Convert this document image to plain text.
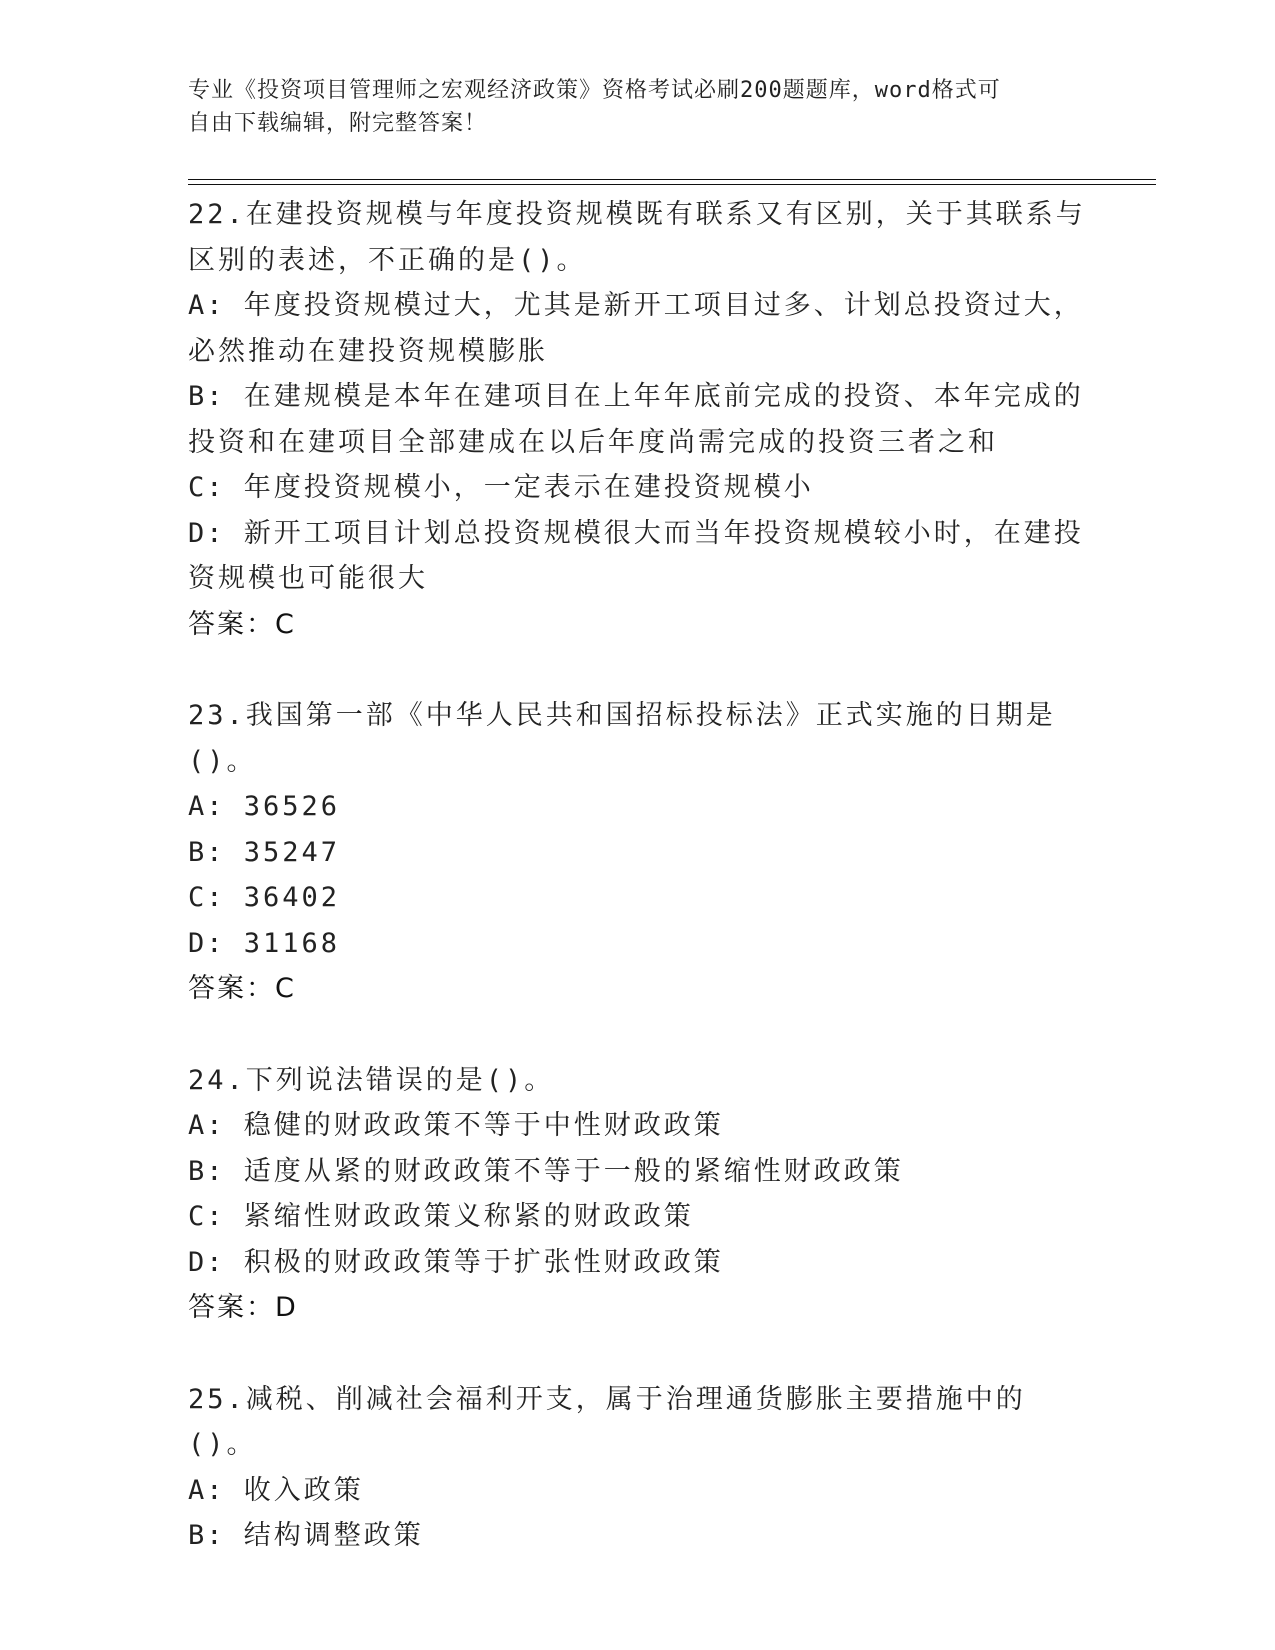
专业《投资项目管理师之宏观经济政策》资格考试必刷200题题库，word格式可
自由下载编辑，附完整答案！
22.在建投资规模与年度投资规模既有联系又有区别，关于其联系与区别的表述，不正确的是()。
A: 年度投资规模过大，尤其是新开工项目过多、计划总投资过大，必然推动在建投资规模膨胀
B: 在建规模是本年在建项目在上年年底前完成的投资、本年完成的投资和在建项目全部建成在以后年度尚需完成的投资三者之和
C: 年度投资规模小，一定表示在建投资规模小
D: 新开工项目计划总投资规模很大而当年投资规模较小时，在建投资规模也可能很大
答案：C
23.我国第一部《中华人民共和国招标投标法》正式实施的日期是()。
A: 36526
B: 35247
C: 36402
D: 31168
答案：C
24.下列说法错误的是()。
A: 稳健的财政政策不等于中性财政政策
B: 适度从紧的财政政策不等于一般的紧缩性财政政策
C: 紧缩性财政政策义称紧的财政政策
D: 积极的财政政策等于扩张性财政政策
答案：D
25.减税、削减社会福利开支，属于治理通货膨胀主要措施中的()。
A: 收入政策
B: 结构调整政策
